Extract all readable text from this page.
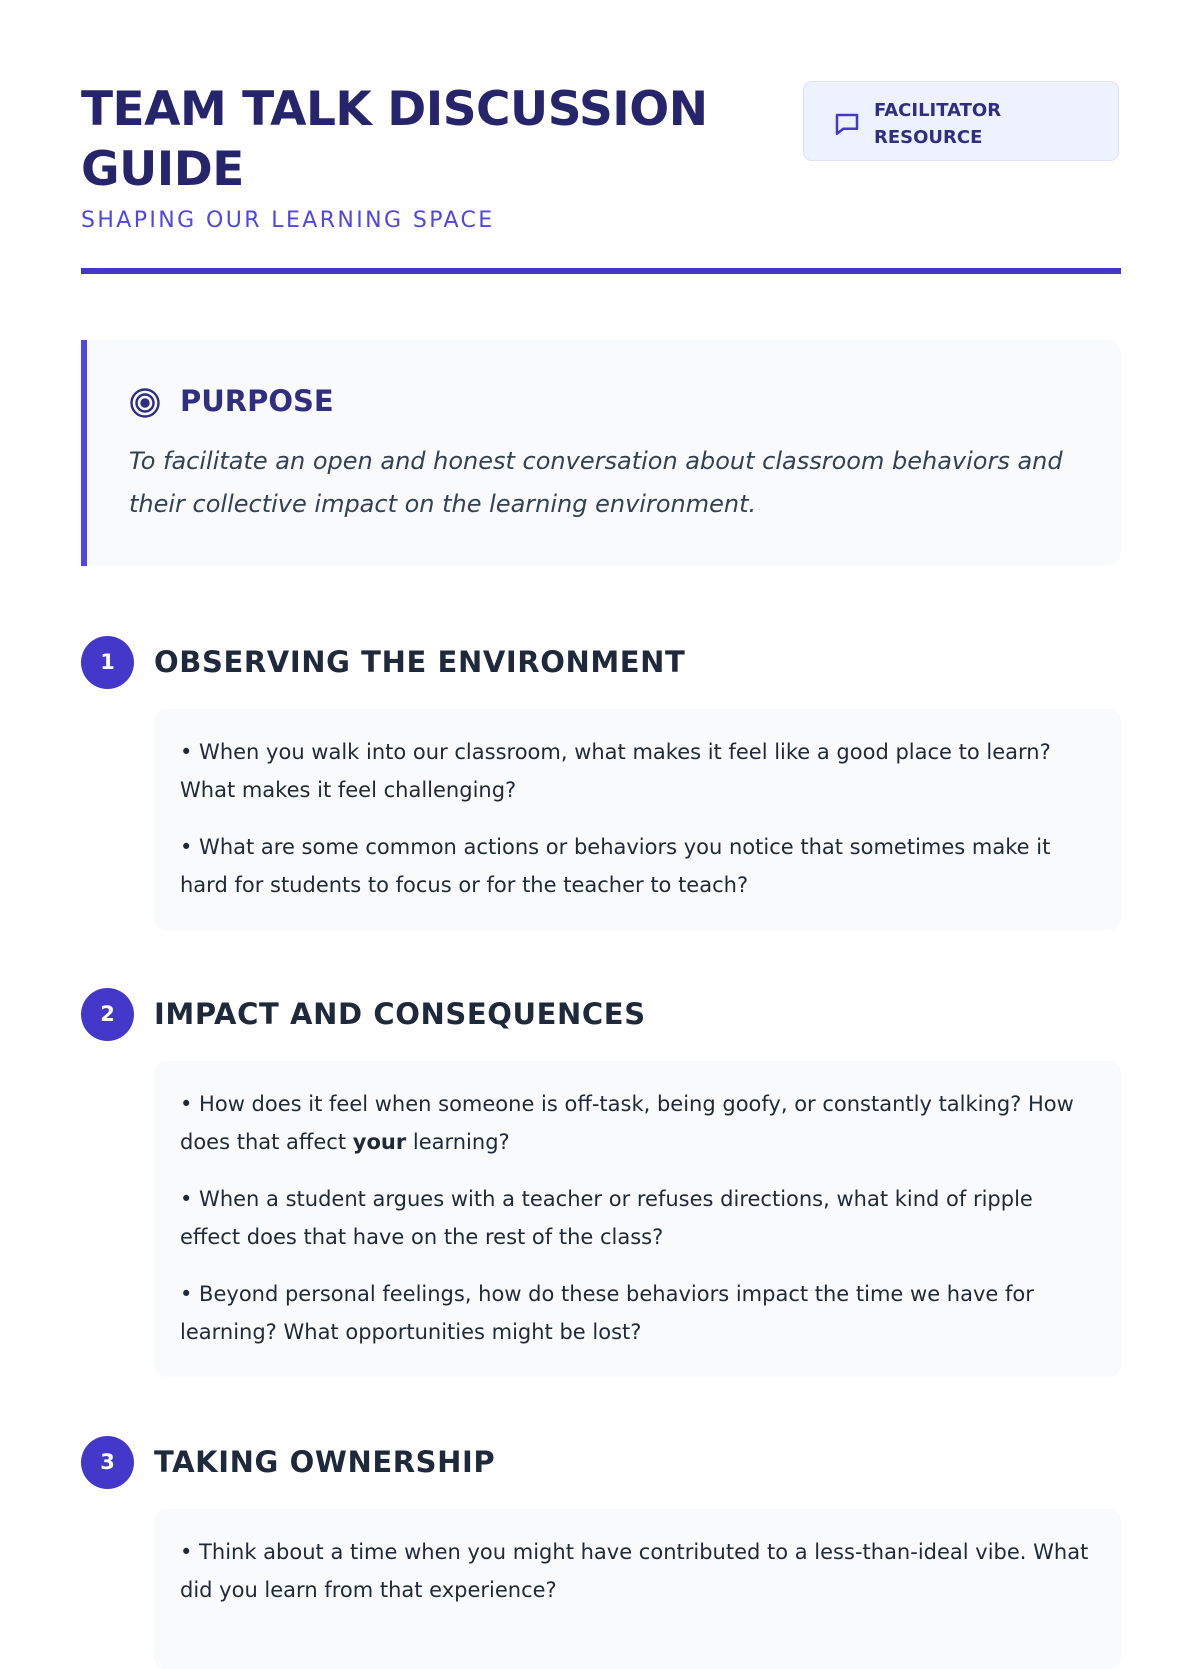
TEAM TALK DISCUSSION GUIDE

SHAPING OUR LEARNING SPACE

FACILITATOR RESOURCE
PURPOSE

To facilitate an open and honest conversation about classroom behaviors and their collective impact on the learning environment.

1	OBSERVING THE ENVIRONMENT

• When you walk into our classroom, what makes it feel like a good place to learn? What makes it feel challenging?

• What are some common actions or behaviors you notice that sometimes make it hard for students to focus or for the teacher to teach?

2	IMPACT AND CONSEQUENCES

• How does it feel when someone is off-task, being goofy, or constantly talking? How does that affect your learning?

• When a student argues with a teacher or refuses directions, what kind of ripple effect does that have on the rest of the class?

• Beyond personal feelings, how do these behaviors impact the time we have for learning? What opportunities might be lost?

3	TAKING OWNERSHIP

• Think about a time when you might have contributed to a less-than-ideal vibe. What did you learn from that experience?
